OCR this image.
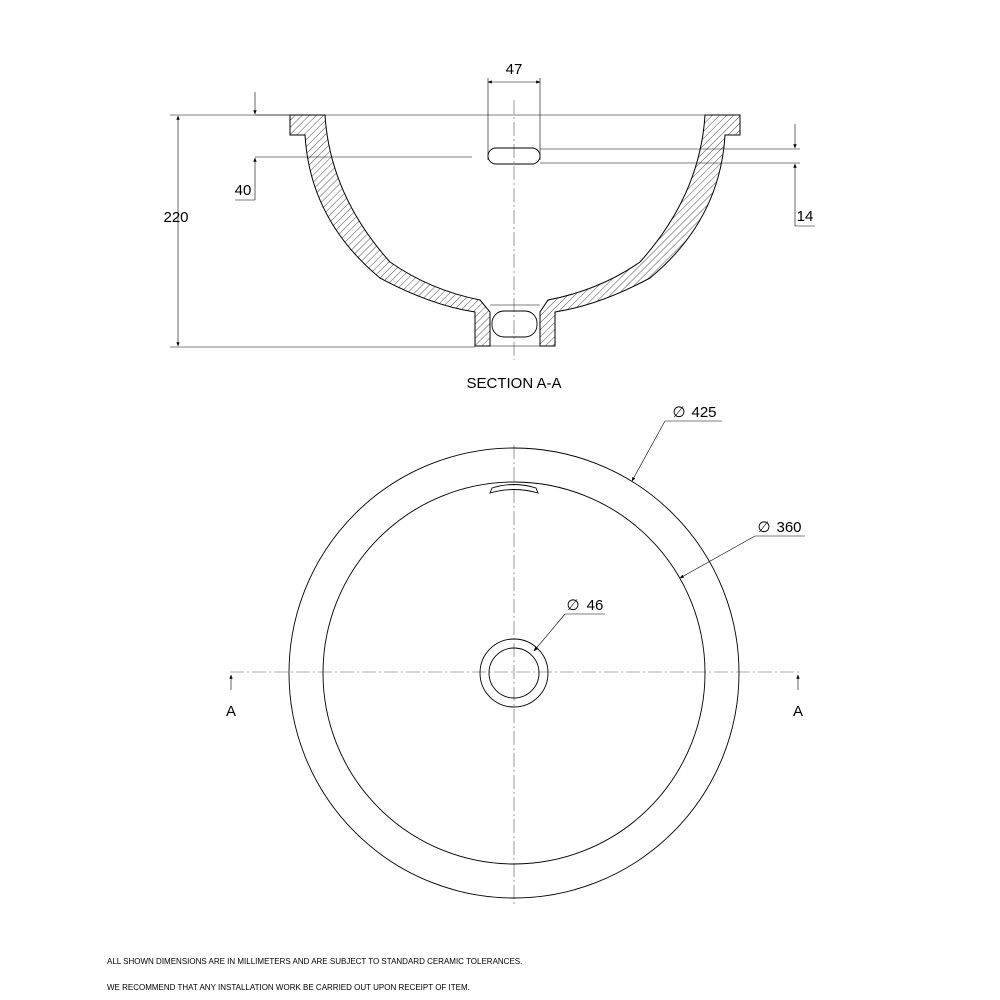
47
40
220	14
SECTION A-A
∅ 425
∅ 360
∅ 46
A	A
ALL SHOWN DIMENSIONS ARE IN MILLIMETERS AND ARE SUBJECT TO STANDARD CERAMIC TOLERANCES.
WE RECOMMEND THAT ANY INSTALLATION WORK BE CARRIED OUT UPON RECEIPT OF ITEM.
